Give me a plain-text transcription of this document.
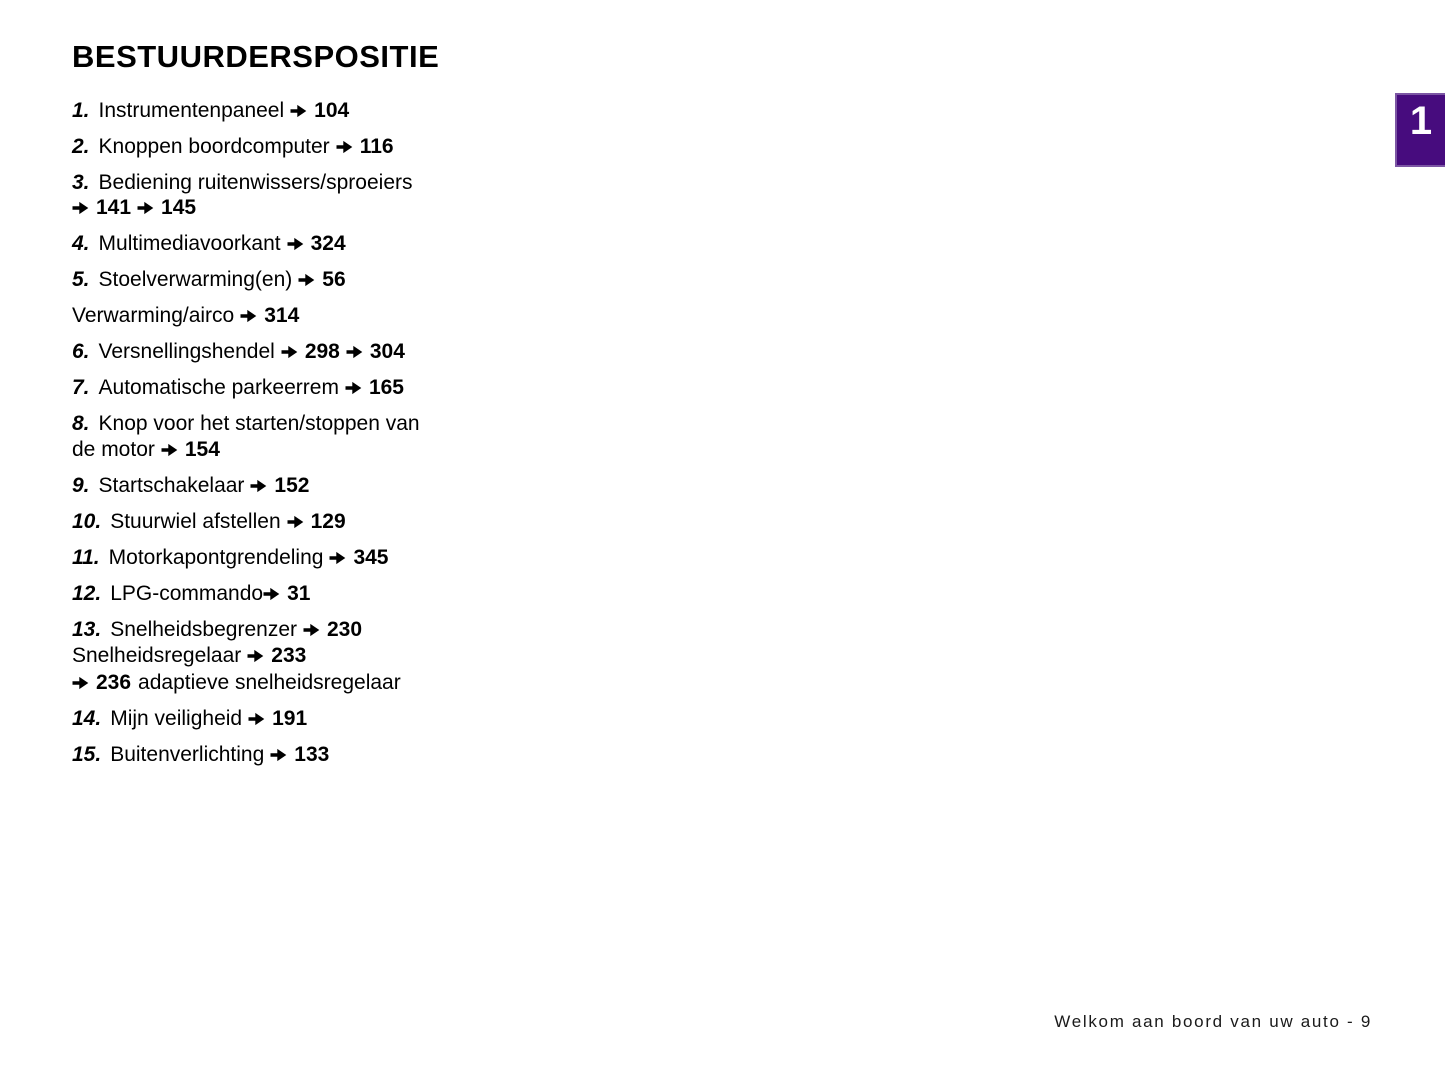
BESTUURDERSPOSITIE
1. Instrumentenpaneel 104
2. Knoppen boordcomputer 116
3. Bediening ruitenwissers/sproeiers
141 145
4. Multimediavoorkant 324
5. Stoelverwarming(en) 56
Verwarming/airco 314
6. Versnellingshendel 298 304
7. Automatische parkeerrem 165
8. Knop voor het starten/stoppen van
de motor 154
9. Startschakelaar 152
10. Stuurwiel afstellen 129
11. Motorkapontgrendeling 345
12. LPG-commando 31
13. Snelheidsbegrenzer 230
Snelheidsregelaar 233
236 adaptieve snelheidsregelaar
14. Mijn veiligheid 191
15. Buitenverlichting 133
1
Welkom aan boord van uw auto - 9
